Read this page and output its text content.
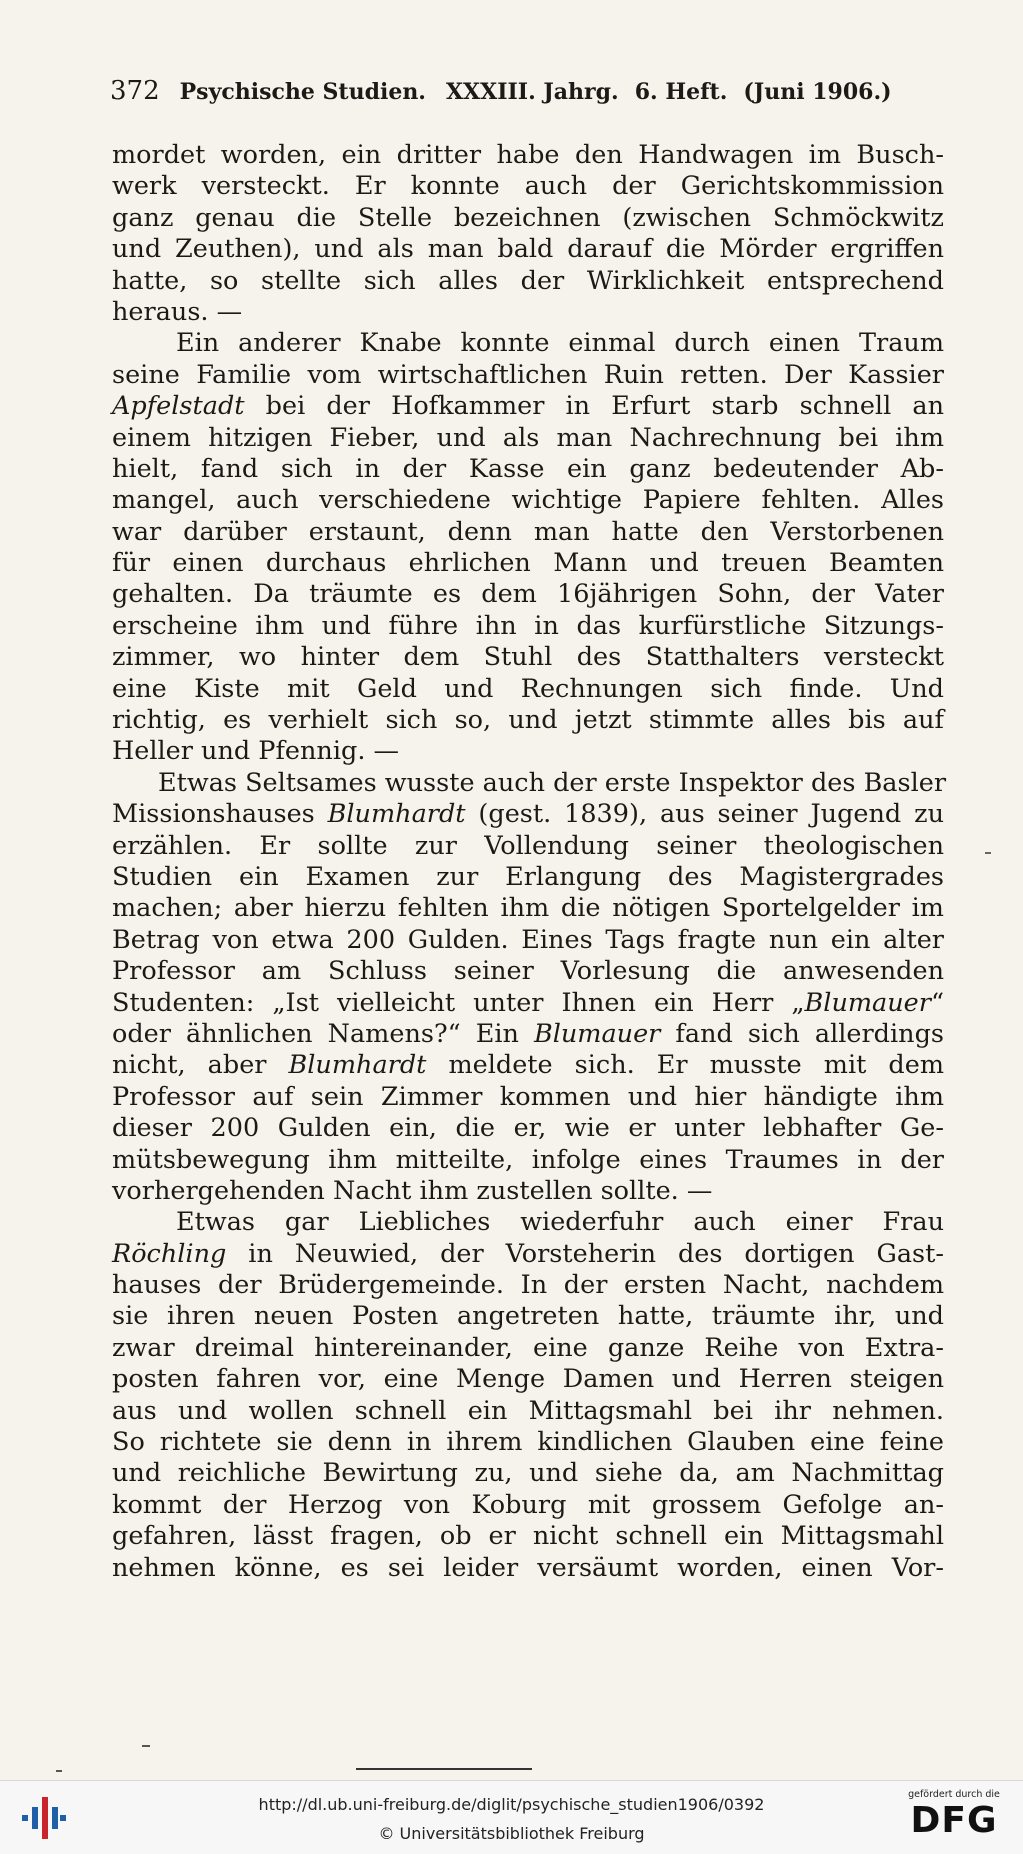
372 Psychische Studien. XXXIII. Jahrg. 6. Heft. (Juni 1906.)
mordet worden, ein dritter habe den Handwagen im Busch-
werk versteckt. Er konnte auch der Gerichtskommission
ganz genau die Stelle bezeichnen (zwischen Schmöckwitz
und Zeuthen), und als man bald darauf die Mörder ergriffen
hatte, so stellte sich alles der Wirklichkeit entsprechend
heraus. —
Ein anderer Knabe konnte einmal durch einen Traum
seine Familie vom wirtschaftlichen Ruin retten. Der Kassier
Apfelstadt bei der Hofkammer in Erfurt starb schnell an
einem hitzigen Fieber, und als man Nachrechnung bei ihm
hielt, fand sich in der Kasse ein ganz bedeutender Ab-
mangel, auch verschiedene wichtige Papiere fehlten. Alles
war darüber erstaunt, denn man hatte den Verstorbenen
für einen durchaus ehrlichen Mann und treuen Beamten
gehalten. Da träumte es dem 16jährigen Sohn, der Vater
erscheine ihm und führe ihn in das kurfürstliche Sitzungs-
zimmer, wo hinter dem Stuhl des Statthalters versteckt
eine Kiste mit Geld und Rechnungen sich finde. Und
richtig, es verhielt sich so, und jetzt stimmte alles bis auf
Heller und Pfennig. —
Etwas Seltsames wusste auch der erste Inspektor des Basler
Missionshauses Blumhardt (gest. 1839), aus seiner Jugend zu
erzählen. Er sollte zur Vollendung seiner theologischen
Studien ein Examen zur Erlangung des Magistergrades
machen; aber hierzu fehlten ihm die nötigen Sportelgelder im
Betrag von etwa 200 Gulden. Eines Tags fragte nun ein alter
Professor am Schluss seiner Vorlesung die anwesenden
Studenten: „Ist vielleicht unter Ihnen ein Herr „Blumauer“
oder ähnlichen Namens?“ Ein Blumauer fand sich allerdings
nicht, aber Blumhardt meldete sich. Er musste mit dem
Professor auf sein Zimmer kommen und hier händigte ihm
dieser 200 Gulden ein, die er, wie er unter lebhafter Ge-
mütsbewegung ihm mitteilte, infolge eines Traumes in der
vorhergehenden Nacht ihm zustellen sollte. —
Etwas gar Liebliches wiederfuhr auch einer Frau
Röchling in Neuwied, der Vorsteherin des dortigen Gast-
hauses der Brüdergemeinde. In der ersten Nacht, nachdem
sie ihren neuen Posten angetreten hatte, träumte ihr, und
zwar dreimal hintereinander, eine ganze Reihe von Extra-
posten fahren vor, eine Menge Damen und Herren steigen
aus und wollen schnell ein Mittagsmahl bei ihr nehmen.
So richtete sie denn in ihrem kindlichen Glauben eine feine
und reichliche Bewirtung zu, und siehe da, am Nachmittag
kommt der Herzog von Koburg mit grossem Gefolge an-
gefahren, lässt fragen, ob er nicht schnell ein Mittagsmahl
nehmen könne, es sei leider versäumt worden, einen Vor-
http://dl.ub.uni-freiburg.de/diglit/psychische_studien1906/0392
© Universitätsbibliothek Freiburg
gefördert durch die
DFG
